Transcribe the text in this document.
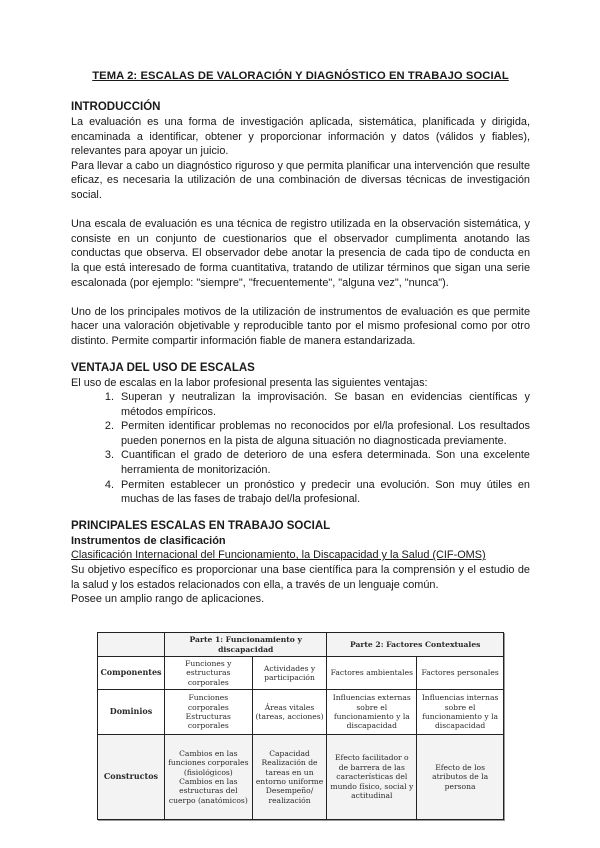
TEMA 2: ESCALAS DE VALORACIÓN Y DIAGNÓSTICO EN TRABAJO SOCIAL
INTRODUCCIÓN

La evaluación es una forma de investigación aplicada, sistemática, planificada y dirigida, encaminada a identificar, obtener y proporcionar información y datos (válidos y fiables), relevantes para apoyar un juicio.

Para llevar a cabo un diagnóstico riguroso y que permita planificar una intervención que resulte eficaz, es necesaria la utilización de una combinación de diversas técnicas de investigación social.

Una escala de evaluación es una técnica de registro utilizada en la observación sistemática, y consiste en un conjunto de cuestionarios que el observador cumplimenta anotando las conductas que observa. El observador debe anotar la presencia de cada tipo de conducta en la que está interesado de forma cuantitativa, tratando de utilizar términos que sigan una serie escalonada (por ejemplo: "siempre", "frecuentemente", "alguna vez", "nunca").

Uno de los principales motivos de la utilización de instrumentos de evaluación es que permite hacer una valoración objetivable y reproducible tanto por el mismo profesional como por otro distinto. Permite compartir información fiable de manera estandarizada.

VENTAJA DEL USO DE ESCALAS

El uso de escalas en la labor profesional presenta las siguientes ventajas:

1. Superan y neutralizan la improvisación. Se basan en evidencias científicas y métodos empíricos.
2. Permiten identificar problemas no reconocidos por el/la profesional. Los resultados pueden ponernos en la pista de alguna situación no diagnosticada previamente.
3. Cuantifican el grado de deterioro de una esfera determinada. Son una excelente herramienta de monitorización.
4. Permiten establecer un pronóstico y predecir una evolución. Son muy útiles en muchas de las fases de trabajo del/la profesional.
PRINCIPALES ESCALAS EN TRABAJO SOCIAL
Instrumentos de clasificación

Clasificación Internacional del Funcionamiento, la Discapacidad y la Salud (CIF-OMS)

Su objetivo específico es proporcionar una base científica para la comprensión y el estudio de la salud y los estados relacionados con ella, a través de un lenguaje común.

Posee un amplio rango de aplicaciones.

	Parte 1: Funcionamiento y discapacidad		Parte 2: Factores Contextuales	
Componentes	Funciones y estructuras corporales	Actividades y participación	Factores ambientales	Factores personales
Dominios	Funciones corporales Estructuras corporales	Áreas vitales (tareas, acciones)	Influencias externas sobre el funcionamiento y la discapacidad	Influencias internas sobre el funcionamiento y la discapacidad
Constructos	Cambios en las funciones corporales (fisiológicos) Cambios en las estructuras del cuerpo (anatómicos)	Capacidad Realización de tareas en un entorno uniforme Desempeño/ realización	Efecto facilitador o de barrera de las características del mundo físico, social y actitudinal	Efecto de los atributos de la persona
